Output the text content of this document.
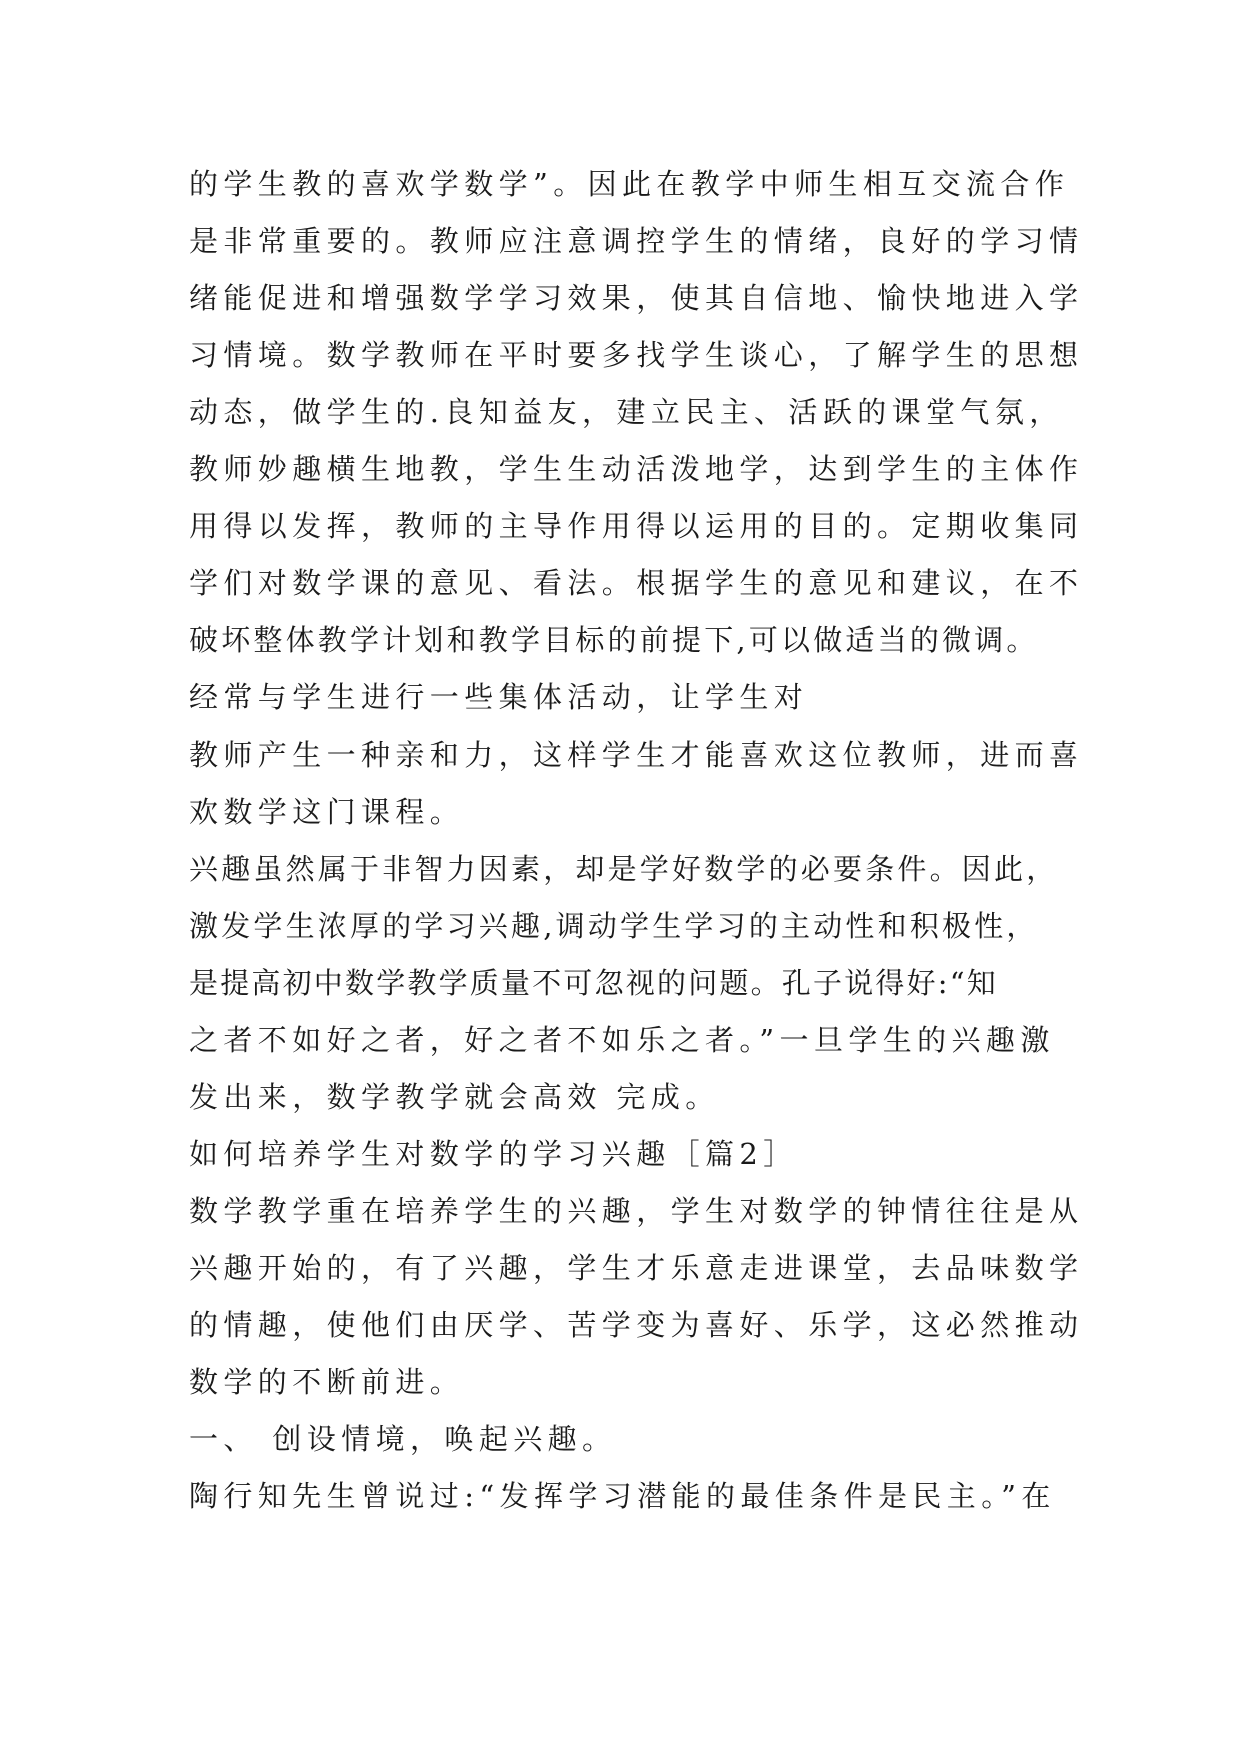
的学生教的喜欢学数学”。因此在教学中师生相互交流合作
是非常重要的。教师应注意调控学生的情绪，良好的学习情
绪能促进和增强数学学习效果，使其自信地、愉快地进入学
习情境。数学教师在平时要多找学生谈心，了解学生的思想
动态，做学生的.良知益友，建立民主、活跃的课堂气氛，
教师妙趣横生地教，学生生动活泼地学，达到学生的主体作
用得以发挥，教师的主导作用得以运用的目的。定期收集同
学们对数学课的意见、看法。根据学生的意见和建议，在不
破坏整体教学计划和教学目标的前提下,可以做适当的微调。
经常与学生进行一些集体活动，让学生对
教师产生一种亲和力，这样学生才能喜欢这位教师，进而喜
欢数学这门课程。
兴趣虽然属于非智力因素，却是学好数学的必要条件。因此，
激发学生浓厚的学习兴趣,调动学生学习的主动性和积极性，
是提高初中数学教学质量不可忽视的问题。孔子说得好:“知
之者不如好之者，好之者不如乐之者。”一旦学生的兴趣激
发出来，数学教学就会高效 完成。
如何培养学生对数学的学习兴趣［篇2］
数学教学重在培养学生的兴趣，学生对数学的钟情往往是从
兴趣开始的，有了兴趣，学生才乐意走进课堂，去品味数学
的情趣，使他们由厌学、苦学变为喜好、乐学，这必然推动
数学的不断前进。
一、 创设情境，唤起兴趣。
陶行知先生曾说过:“发挥学习潜能的最佳条件是民主。”在
